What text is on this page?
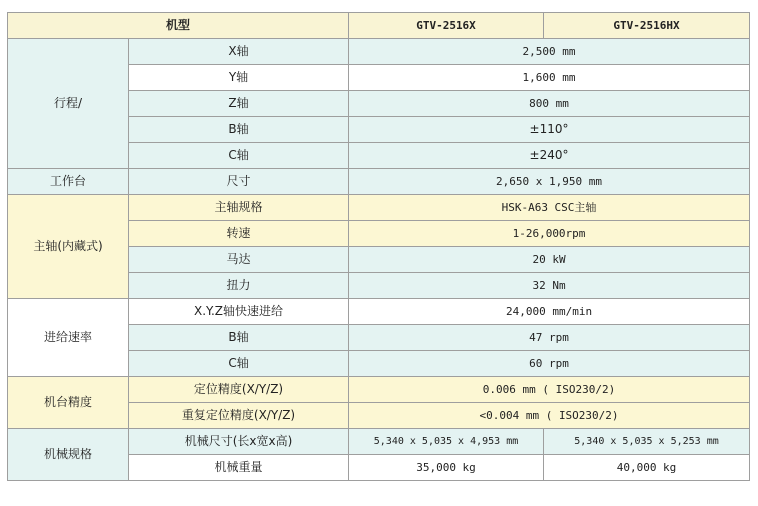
机型		GTV-2516X	GTV-2516HX
行程/	X轴	2,500 mm	
	Y轴	1,600 mm	
	Z轴	800 mm	
	B轴	±110°	
	C轴	±240°	
工作台	尺寸	2,650 x 1,950 mm	
主轴(内藏式)	主轴规格	HSK-A63 CSC主轴	
	转速	1-26,000rpm	
	马达	20 kW	
	扭力	32 Nm	
进给速率	X.Y.Z轴快速进给	24,000 mm/min	
	B轴	47 rpm	
	C轴	60 rpm	
机台精度	定位精度(X/Y/Z)	0.006 mm ( ISO230/2)	
	重复定位精度(X/Y/Z)	<0.004 mm ( ISO230/2)	
机械规格	机械尺寸(长x宽x高)	5,340 x 5,035 x 4,953 mm	5,340 x 5,035 x 5,253 mm
	机械重量	35,000 kg	40,000 kg
